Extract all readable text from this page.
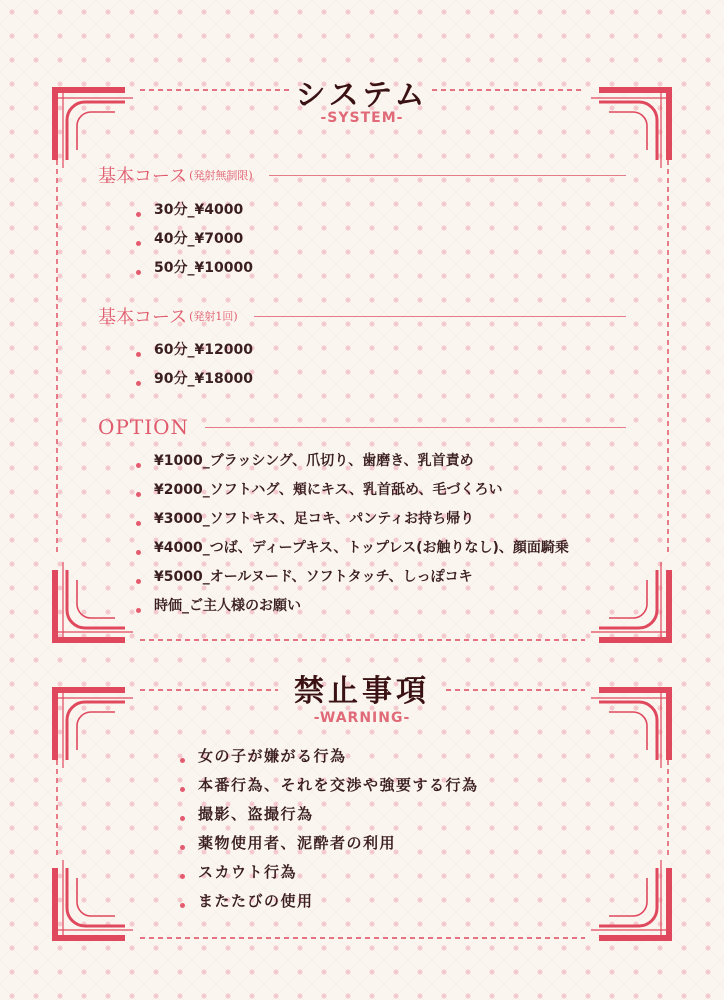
システム
-SYSTEM-
基本コース (発射無制限)
30分_¥4000
40分_¥7000
50分_¥10000
基本コース (発射1回)
60分_¥12000
90分_¥18000
OPTION
¥1000_ブラッシング、爪切り、歯磨き、乳首責め
¥2000_ソフトハグ、頬にキス、乳首舐め、毛づくろい
¥3000_ソフトキス、足コキ、パンティお持ち帰り
¥4000_つば、ディープキス、トップレス(お触りなし)、顔面騎乗
¥5000_オールヌード、ソフトタッチ、しっぽコキ
時価_ご主人様のお願い
禁止事項
-WARNING-
女の子が嫌がる行為
本番行為、それを交渉や強要する行為
撮影、盗撮行為
薬物使用者、泥酔者の利用
スカウト行為
またたびの使用
